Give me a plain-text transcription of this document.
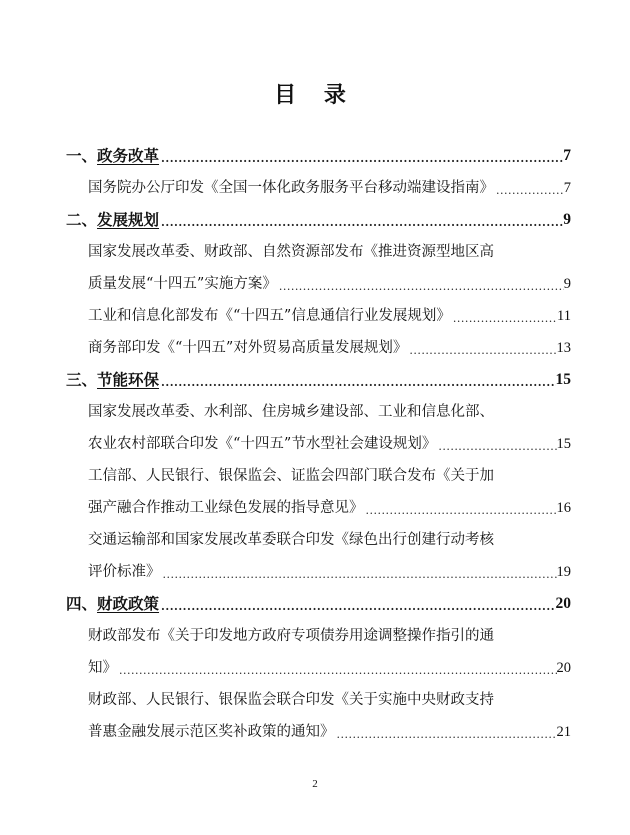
目 录
一、 政务改革 .....	7
国务院办公厅印发《全国一体化政务服务平台移动端建设指南》 .....	7
二、 发展规划 .....	9
国家发展改革委、财政部、自然资源部发布《推进资源型地区高
质量发展“十四五”实施方案》 .....	9
工业和信息化部发布《“十四五”信息通信行业发展规划》 .....	11
商务部印发《“十四五”对外贸易高质量发展规划》 .....	13
三、 节能环保 .....	15
国家发展改革委、水利部、住房城乡建设部、工业和信息化部、
农业农村部联合印发《“十四五”节水型社会建设规划》 .....	15
工信部、人民银行、银保监会、证监会四部门联合发布《关于加
强产融合作推动工业绿色发展的指导意见》 .....	16
交通运输部和国家发展改革委联合印发《绿色出行创建行动考核
评价标准》 .....	19
四、 财政政策 .....	20
财政部发布《关于印发地方政府专项债券用途调整操作指引的通
知》 .....	20
财政部、人民银行、银保监会联合印发《关于实施中央财政支持
普惠金融发展示范区奖补政策的通知》 .....	21
2
